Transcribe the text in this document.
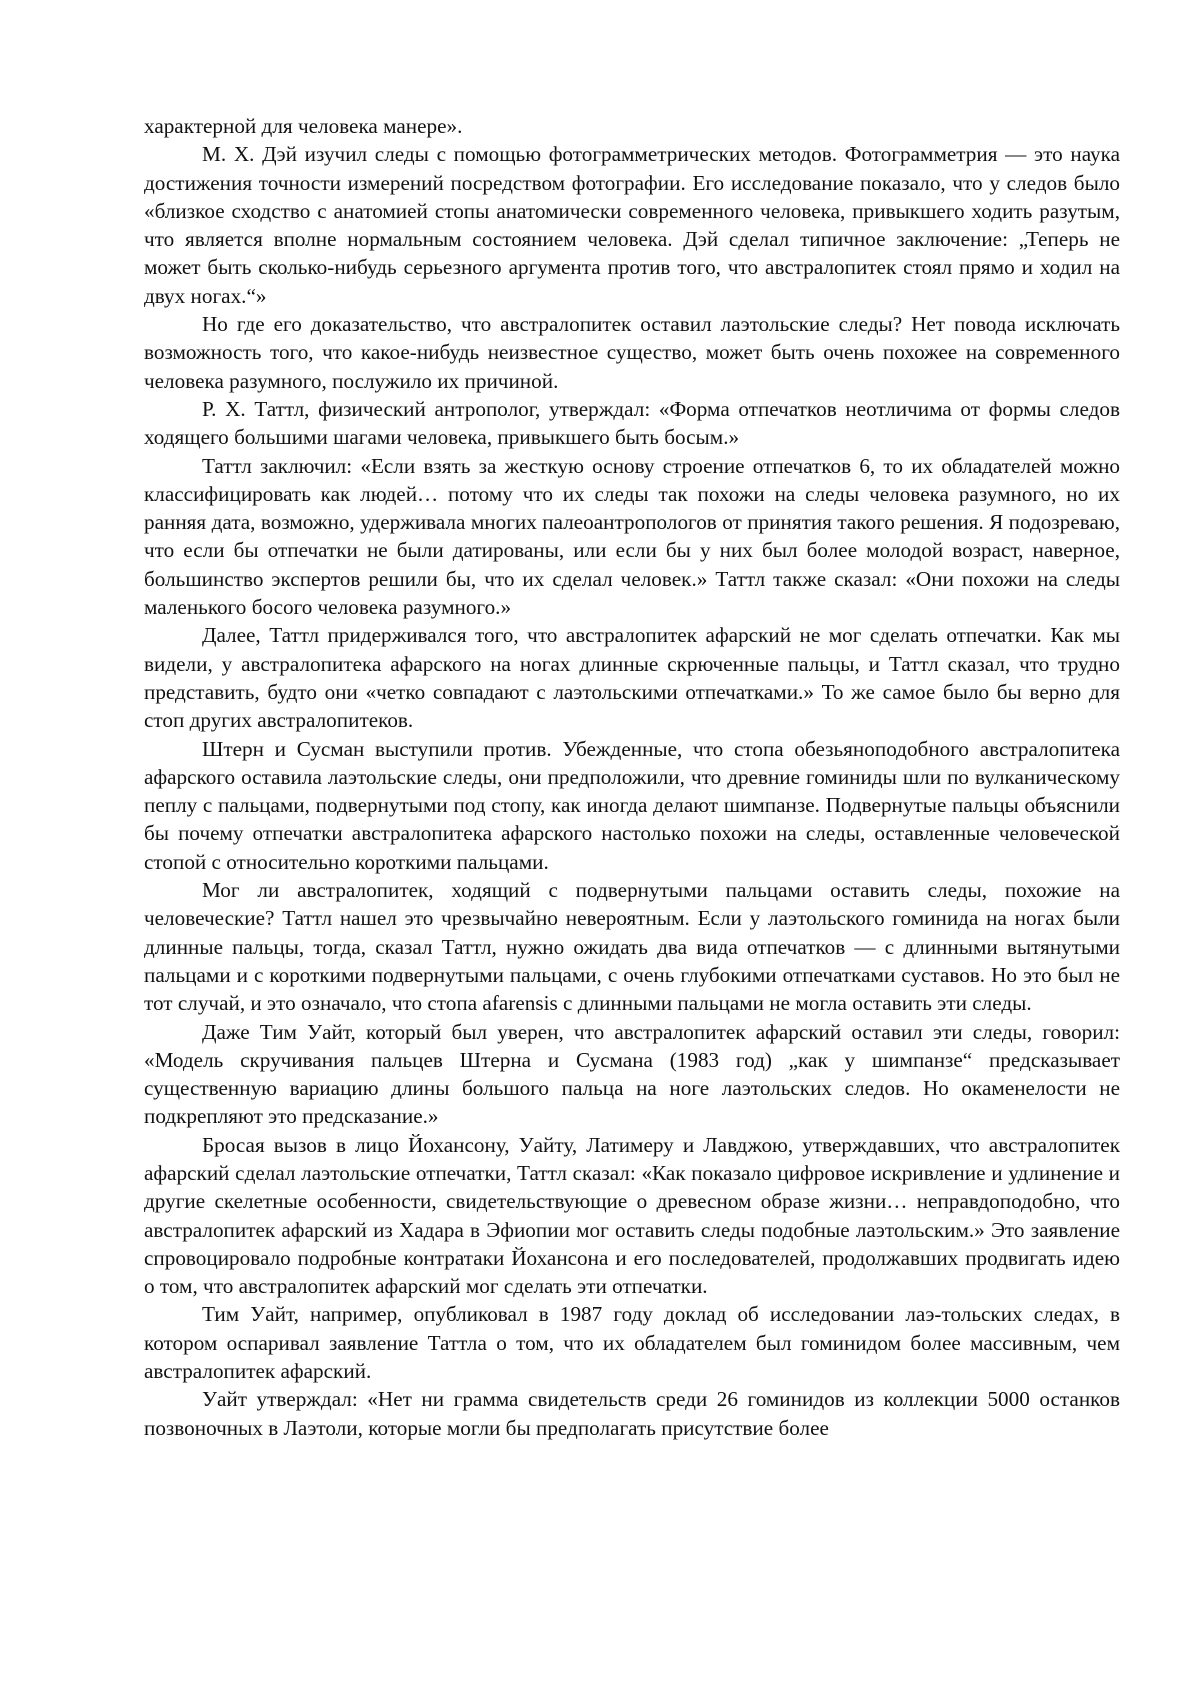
характерной для человека манере».

М. Х. Дэй изучил следы с помощью фотограмметрических методов. Фотограмметрия — это наука достижения точности измерений посредством фотографии. Его исследование показало, что у следов было «близкое сходство с анатомией стопы анатомически современного человека, привыкшего ходить разутым, что является вполне нормальным состоянием человека. Дэй сделал типичное заключение: „Теперь не может быть сколько-нибудь серьезного аргумента против того, что австралопитек стоял прямо и ходил на двух ногах.“»

Но где его доказательство, что австралопитек оставил лаэтольские следы? Нет повода исключать возможность того, что какое-нибудь неизвестное существо, может быть очень похожее на современного человека разумного, послужило их причиной.

Р. Х. Таттл, физический антрополог, утверждал: «Форма отпечатков неотличима от формы следов ходящего большими шагами человека, привыкшего быть босым.»

Таттл заключил: «Если взять за жесткую основу строение отпечатков 6, то их обладателей можно классифицировать как людей… потому что их следы так похожи на следы человека разумного, но их ранняя дата, возможно, удерживала многих палеоантропологов от принятия такого решения. Я подозреваю, что если бы отпечатки не были датированы, или если бы у них был более молодой возраст, наверное, большинство экспертов решили бы, что их сделал человек.» Таттл также сказал: «Они похожи на следы маленького босого человека разумного.»

Далее, Таттл придерживался того, что австралопитек афарский не мог сделать отпечатки. Как мы видели, у австралопитека афарского на ногах длинные скрюченные пальцы, и Таттл сказал, что трудно представить, будто они «четко совпадают с лаэтольскими отпечатками.» То же самое было бы верно для стоп других австралопитеков.

Штерн и Сусман выступили против. Убежденные, что стопа обезьяноподобного австралопитека афарского оставила лаэтольские следы, они предположили, что древние гоминиды шли по вулканическому пеплу с пальцами, подвернутыми под стопу, как иногда делают шимпанзе. Подвернутые пальцы объяснили бы почему отпечатки австралопитека афарского настолько похожи на следы, оставленные человеческой стопой с относительно короткими пальцами.

Мог ли австралопитек, ходящий с подвернутыми пальцами оставить следы, похожие на человеческие? Таттл нашел это чрезвычайно невероятным. Если у лаэтольского гоминида на ногах были длинные пальцы, тогда, сказал Таттл, нужно ожидать два вида отпечатков — с длинными вытянутыми пальцами и с короткими подвернутыми пальцами, с очень глубокими отпечатками суставов. Но это был не тот случай, и это означало, что стопа afarensis с длинными пальцами не могла оставить эти следы.

Даже Тим Уайт, который был уверен, что австралопитек афарский оставил эти следы, говорил: «Модель скручивания пальцев Штерна и Сусмана (1983 год) „как у шимпанзе“ предсказывает существенную вариацию длины большого пальца на ноге лаэтольских следов. Но окаменелости не подкрепляют это предсказание.»

Бросая вызов в лицо Йохансону, Уайту, Латимеру и Лавджою, утверждавших, что австралопитек афарский сделал лаэтольские отпечатки, Таттл сказал: «Как показало цифровое искривление и удлинение и другие скелетные особенности, свидетельствующие о древесном образе жизни… неправдоподобно, что австралопитек афарский из Хадара в Эфиопии мог оставить следы подобные лаэтольским.» Это заявление спровоцировало подробные контратаки Йохансона и его последователей, продолжавших продвигать идею о том, что австралопитек афарский мог сделать эти отпечатки.

Тим Уайт, например, опубликовал в 1987 году доклад об исследовании лаэ-тольских следах, в котором оспаривал заявление Таттла о том, что их обладателем был гоминидом более массивным, чем австралопитек афарский.

Уайт утверждал: «Нет ни грамма свидетельств среди 26 гоминидов из коллекции 5000 останков позвоночных в Лаэтоли, которые могли бы предполагать присутствие более
